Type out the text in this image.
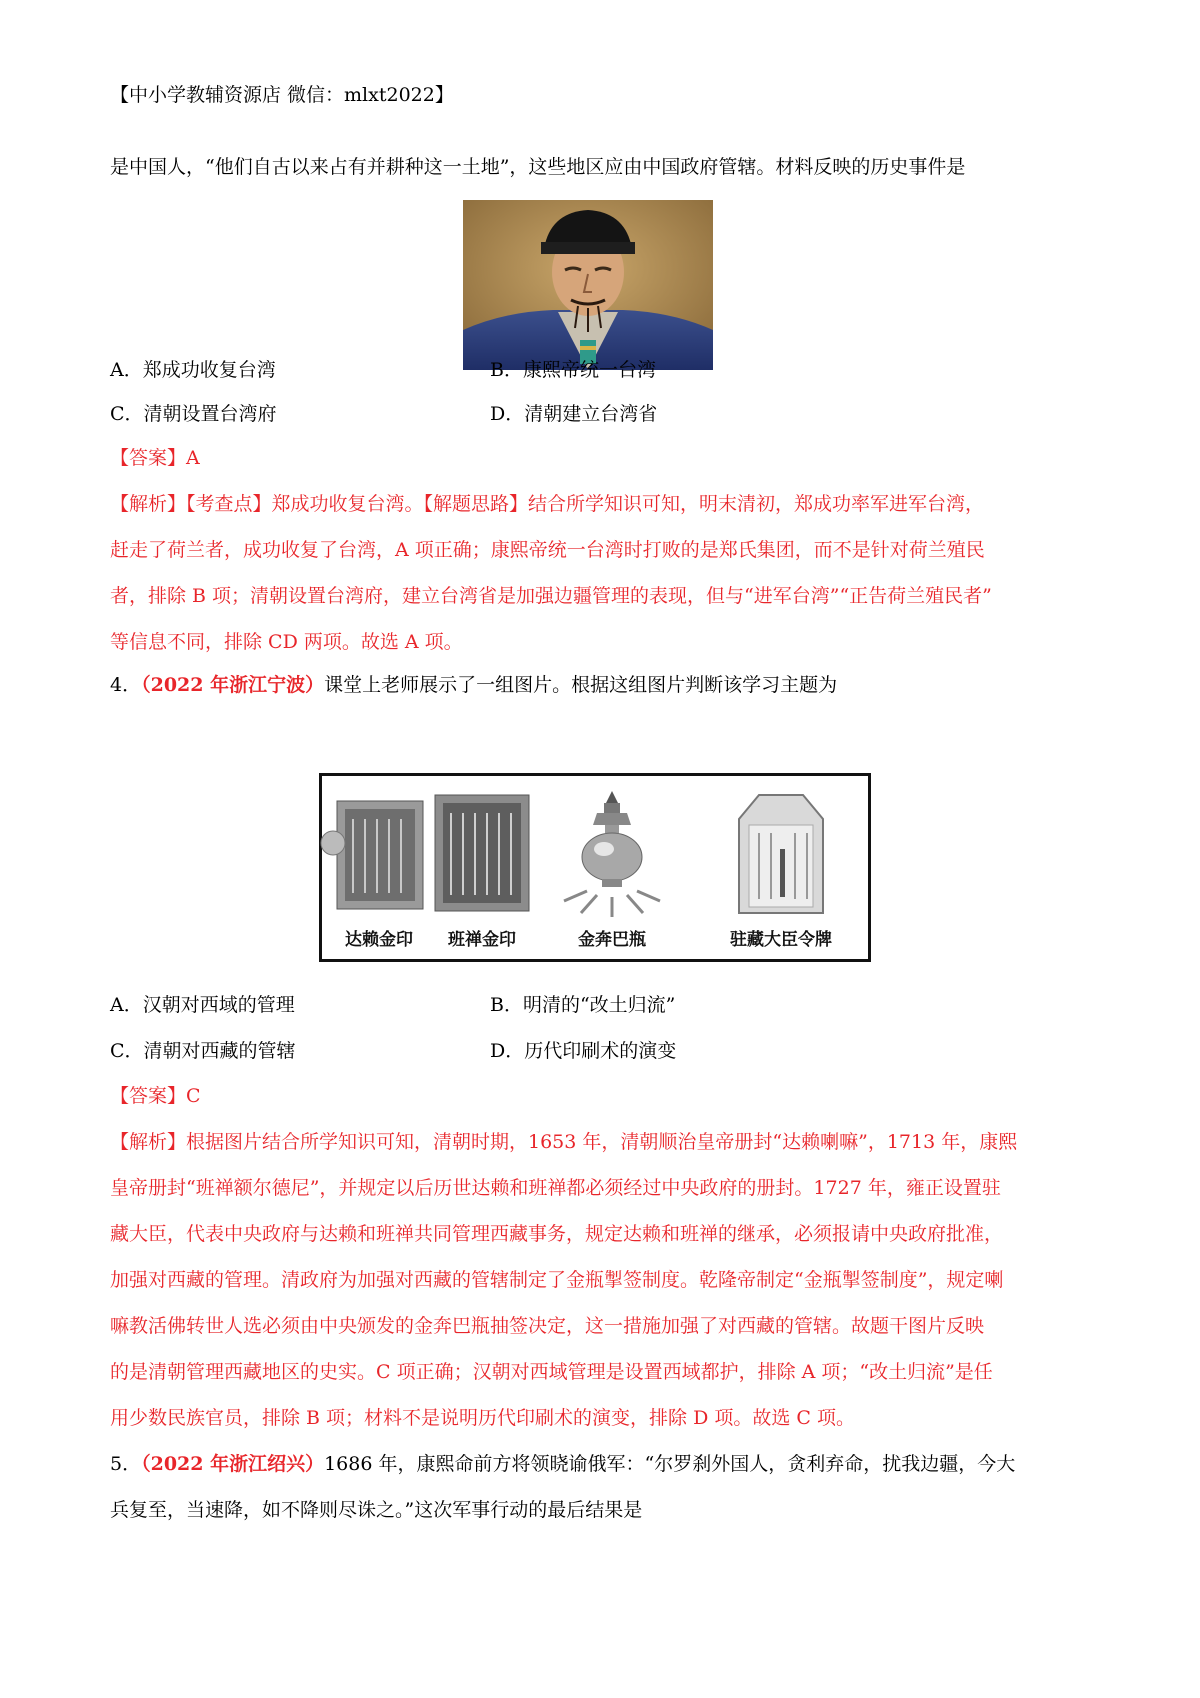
【中小学教辅资源店 微信：mlxt2022】
是中国人，“他们自古以来占有并耕种这一土地”，这些地区应由中国政府管辖。材料反映的历史事件是
A．郑成功收复台湾	B．康熙帝统一台湾
C．清朝设置台湾府	D．清朝建立台湾省
【答案】A
【解析】【考查点】郑成功收复台湾。【解题思路】结合所学知识可知，明末清初，郑成功率军进军台湾，
赶走了荷兰者，成功收复了台湾，A 项正确；康熙帝统一台湾时打败的是郑氏集团，而不是针对荷兰殖民
者，排除 B 项；清朝设置台湾府，建立台湾省是加强边疆管理的表现，但与“进军台湾”“正告荷兰殖民者”
等信息不同，排除 CD 两项。故选 A 项。
4．（2022 年浙江宁波）课堂上老师展示了一组图片。根据这组图片判断该学习主题为
达赖金印 班禅金印	金奔巴瓶	驻藏大臣令牌
A．汉朝对西域的管理	B．明清的“改土归流”
C．清朝对西藏的管辖	D．历代印刷术的演变
【答案】C
【解析】根据图片结合所学知识可知，清朝时期，1653 年，清朝顺治皇帝册封“达赖喇嘛”，1713 年，康熙
皇帝册封“班禅额尔德尼”，并规定以后历世达赖和班禅都必须经过中央政府的册封。1727 年，雍正设置驻
藏大臣，代表中央政府与达赖和班禅共同管理西藏事务，规定达赖和班禅的继承，必须报请中央政府批准，
加强对西藏的管理。清政府为加强对西藏的管辖制定了金瓶掣签制度。乾隆帝制定“金瓶掣签制度”，规定喇
嘛教活佛转世人选必须由中央颁发的金奔巴瓶抽签决定，这一措施加强了对西藏的管辖。故题干图片反映
的是清朝管理西藏地区的史实。C 项正确；汉朝对西域管理是设置西域都护，排除 A 项；“改土归流”是任
用少数民族官员，排除 B 项；材料不是说明历代印刷术的演变，排除 D 项。故选 C 项。
5．（2022 年浙江绍兴）1686 年，康熙命前方将领晓谕俄军：“尔罗刹外国人，贪利弃命，扰我边疆，今大
兵复至，当速降，如不降则尽诛之。”这次军事行动的最后结果是
